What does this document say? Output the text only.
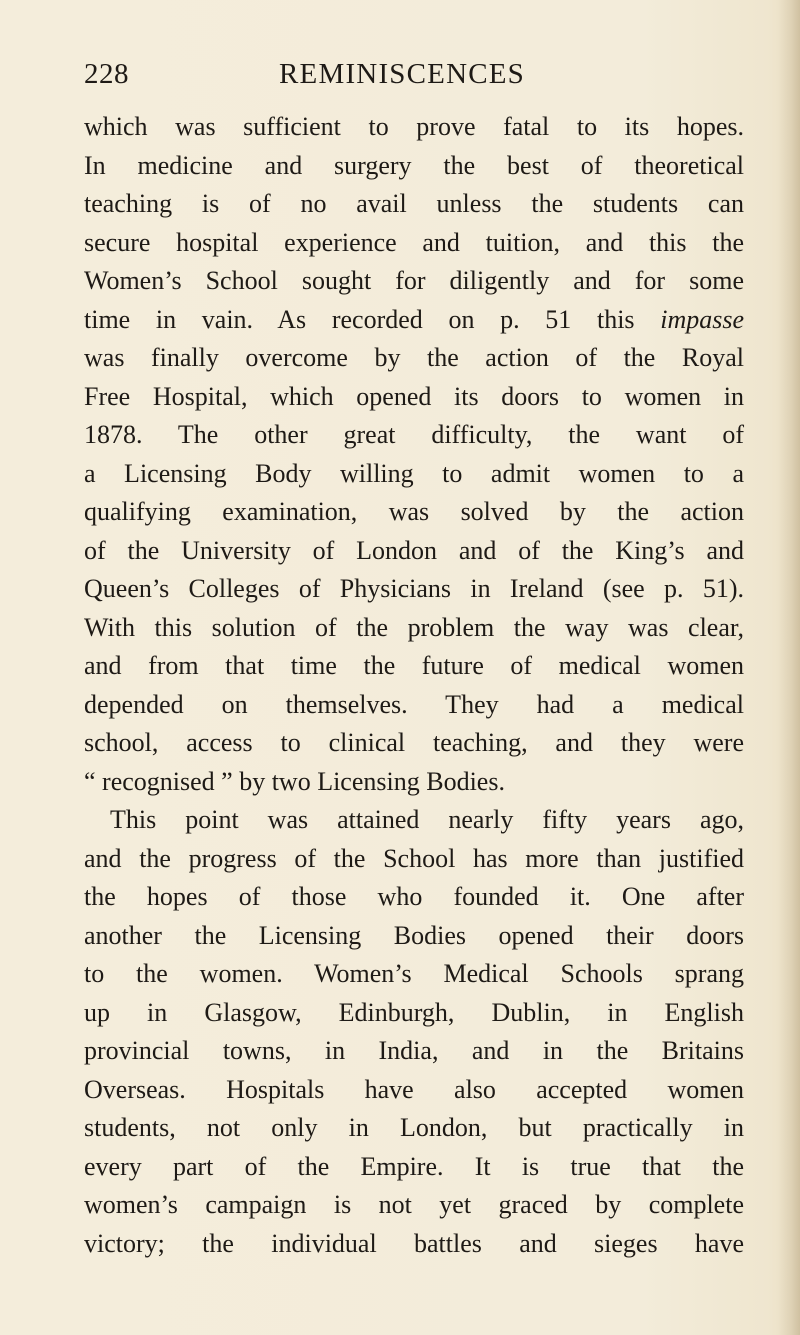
228	REMINISCENCES
which was sufficient to prove fatal to its hopes.
In medicine and surgery the best of theoretical
teaching is of no avail unless the students can
secure hospital experience and tuition, and this the
Women’s School sought for diligently and for some
time in vain. As recorded on p. 51 this impasse
was finally overcome by the action of the Royal
Free Hospital, which opened its doors to women in
1878. The other great difficulty, the want of
a Licensing Body willing to admit women to a
qualifying examination, was solved by the action
of the University of London and of the King’s and
Queen’s Colleges of Physicians in Ireland (see p. 51).
With this solution of the problem the way was clear,
and from that time the future of medical women
depended on themselves. They had a medical
school, access to clinical teaching, and they were
“ recognised ” by two Licensing Bodies.
This point was attained nearly fifty years ago,
and the progress of the School has more than justified
the hopes of those who founded it. One after
another the Licensing Bodies opened their doors
to the women. Women’s Medical Schools sprang
up in Glasgow, Edinburgh, Dublin, in English
provincial towns, in India, and in the Britains
Overseas. Hospitals have also accepted women
students, not only in London, but practically in
every part of the Empire. It is true that the
women’s campaign is not yet graced by complete
victory; the individual battles and sieges have
